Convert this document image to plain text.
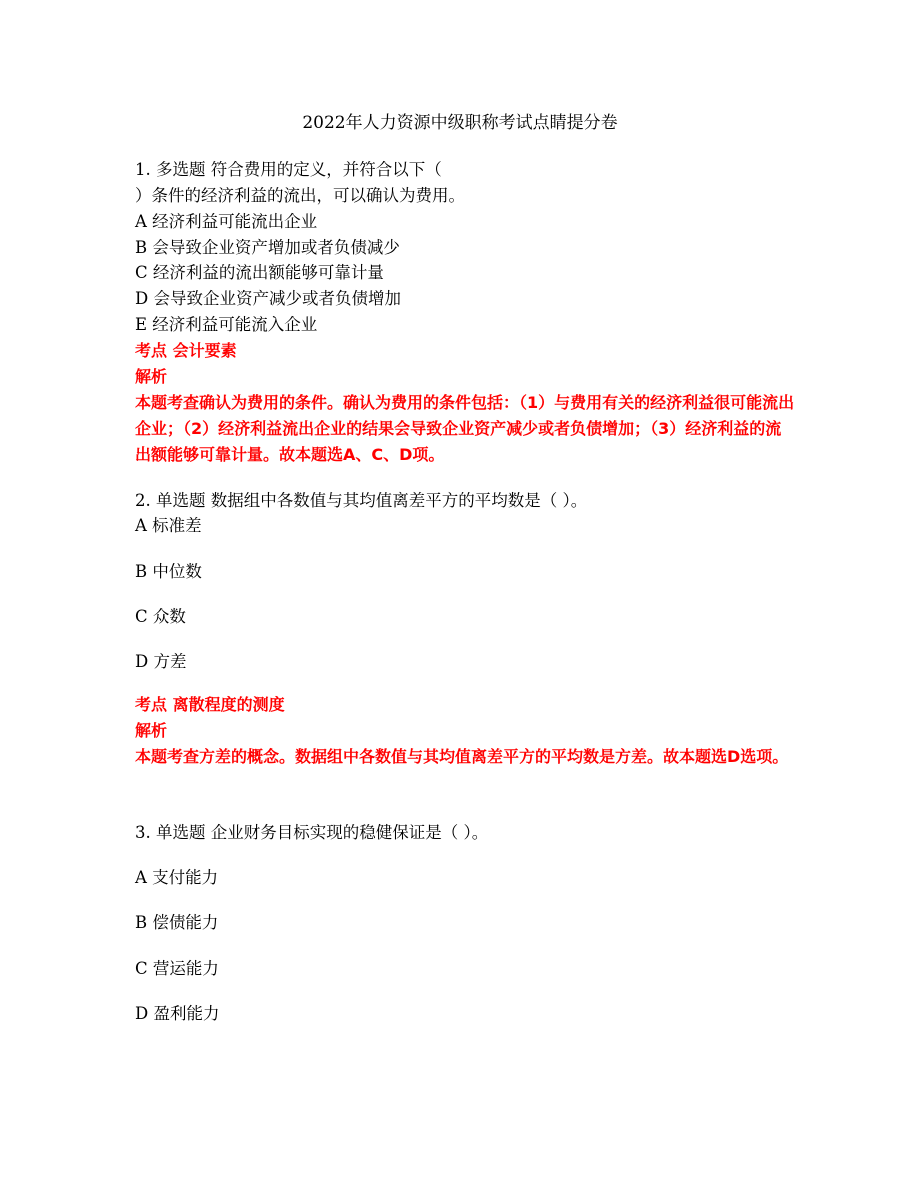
2022年人力资源中级职称考试点睛提分卷
1. 多选题 符合费用的定义，并符合以下（
）条件的经济利益的流出，可以确认为费用。
A 经济利益可能流出企业
B 会导致企业资产增加或者负债减少
C 经济利益的流出额能够可靠计量
D 会导致企业资产减少或者负债增加
E 经济利益可能流入企业
考点 会计要素
解析
本题考查确认为费用的条件。确认为费用的条件包括：（1）与费用有关的经济利益很可能流出企业；（2）经济利益流出企业的结果会导致企业资产减少或者负债增加；（3）经济利益的流出额能够可靠计量。故本题选A、C、D项。
2. 单选题 数据组中各数值与其均值离差平方的平均数是（ ）。
A 标准差
B 中位数
C 众数
D 方差
考点 离散程度的测度
解析
本题考查方差的概念。数据组中各数值与其均值离差平方的平均数是方差。故本题选D选项。
3. 单选题 企业财务目标实现的稳健保证是（ ）。
A 支付能力
B 偿债能力
C 营运能力
D 盈利能力
